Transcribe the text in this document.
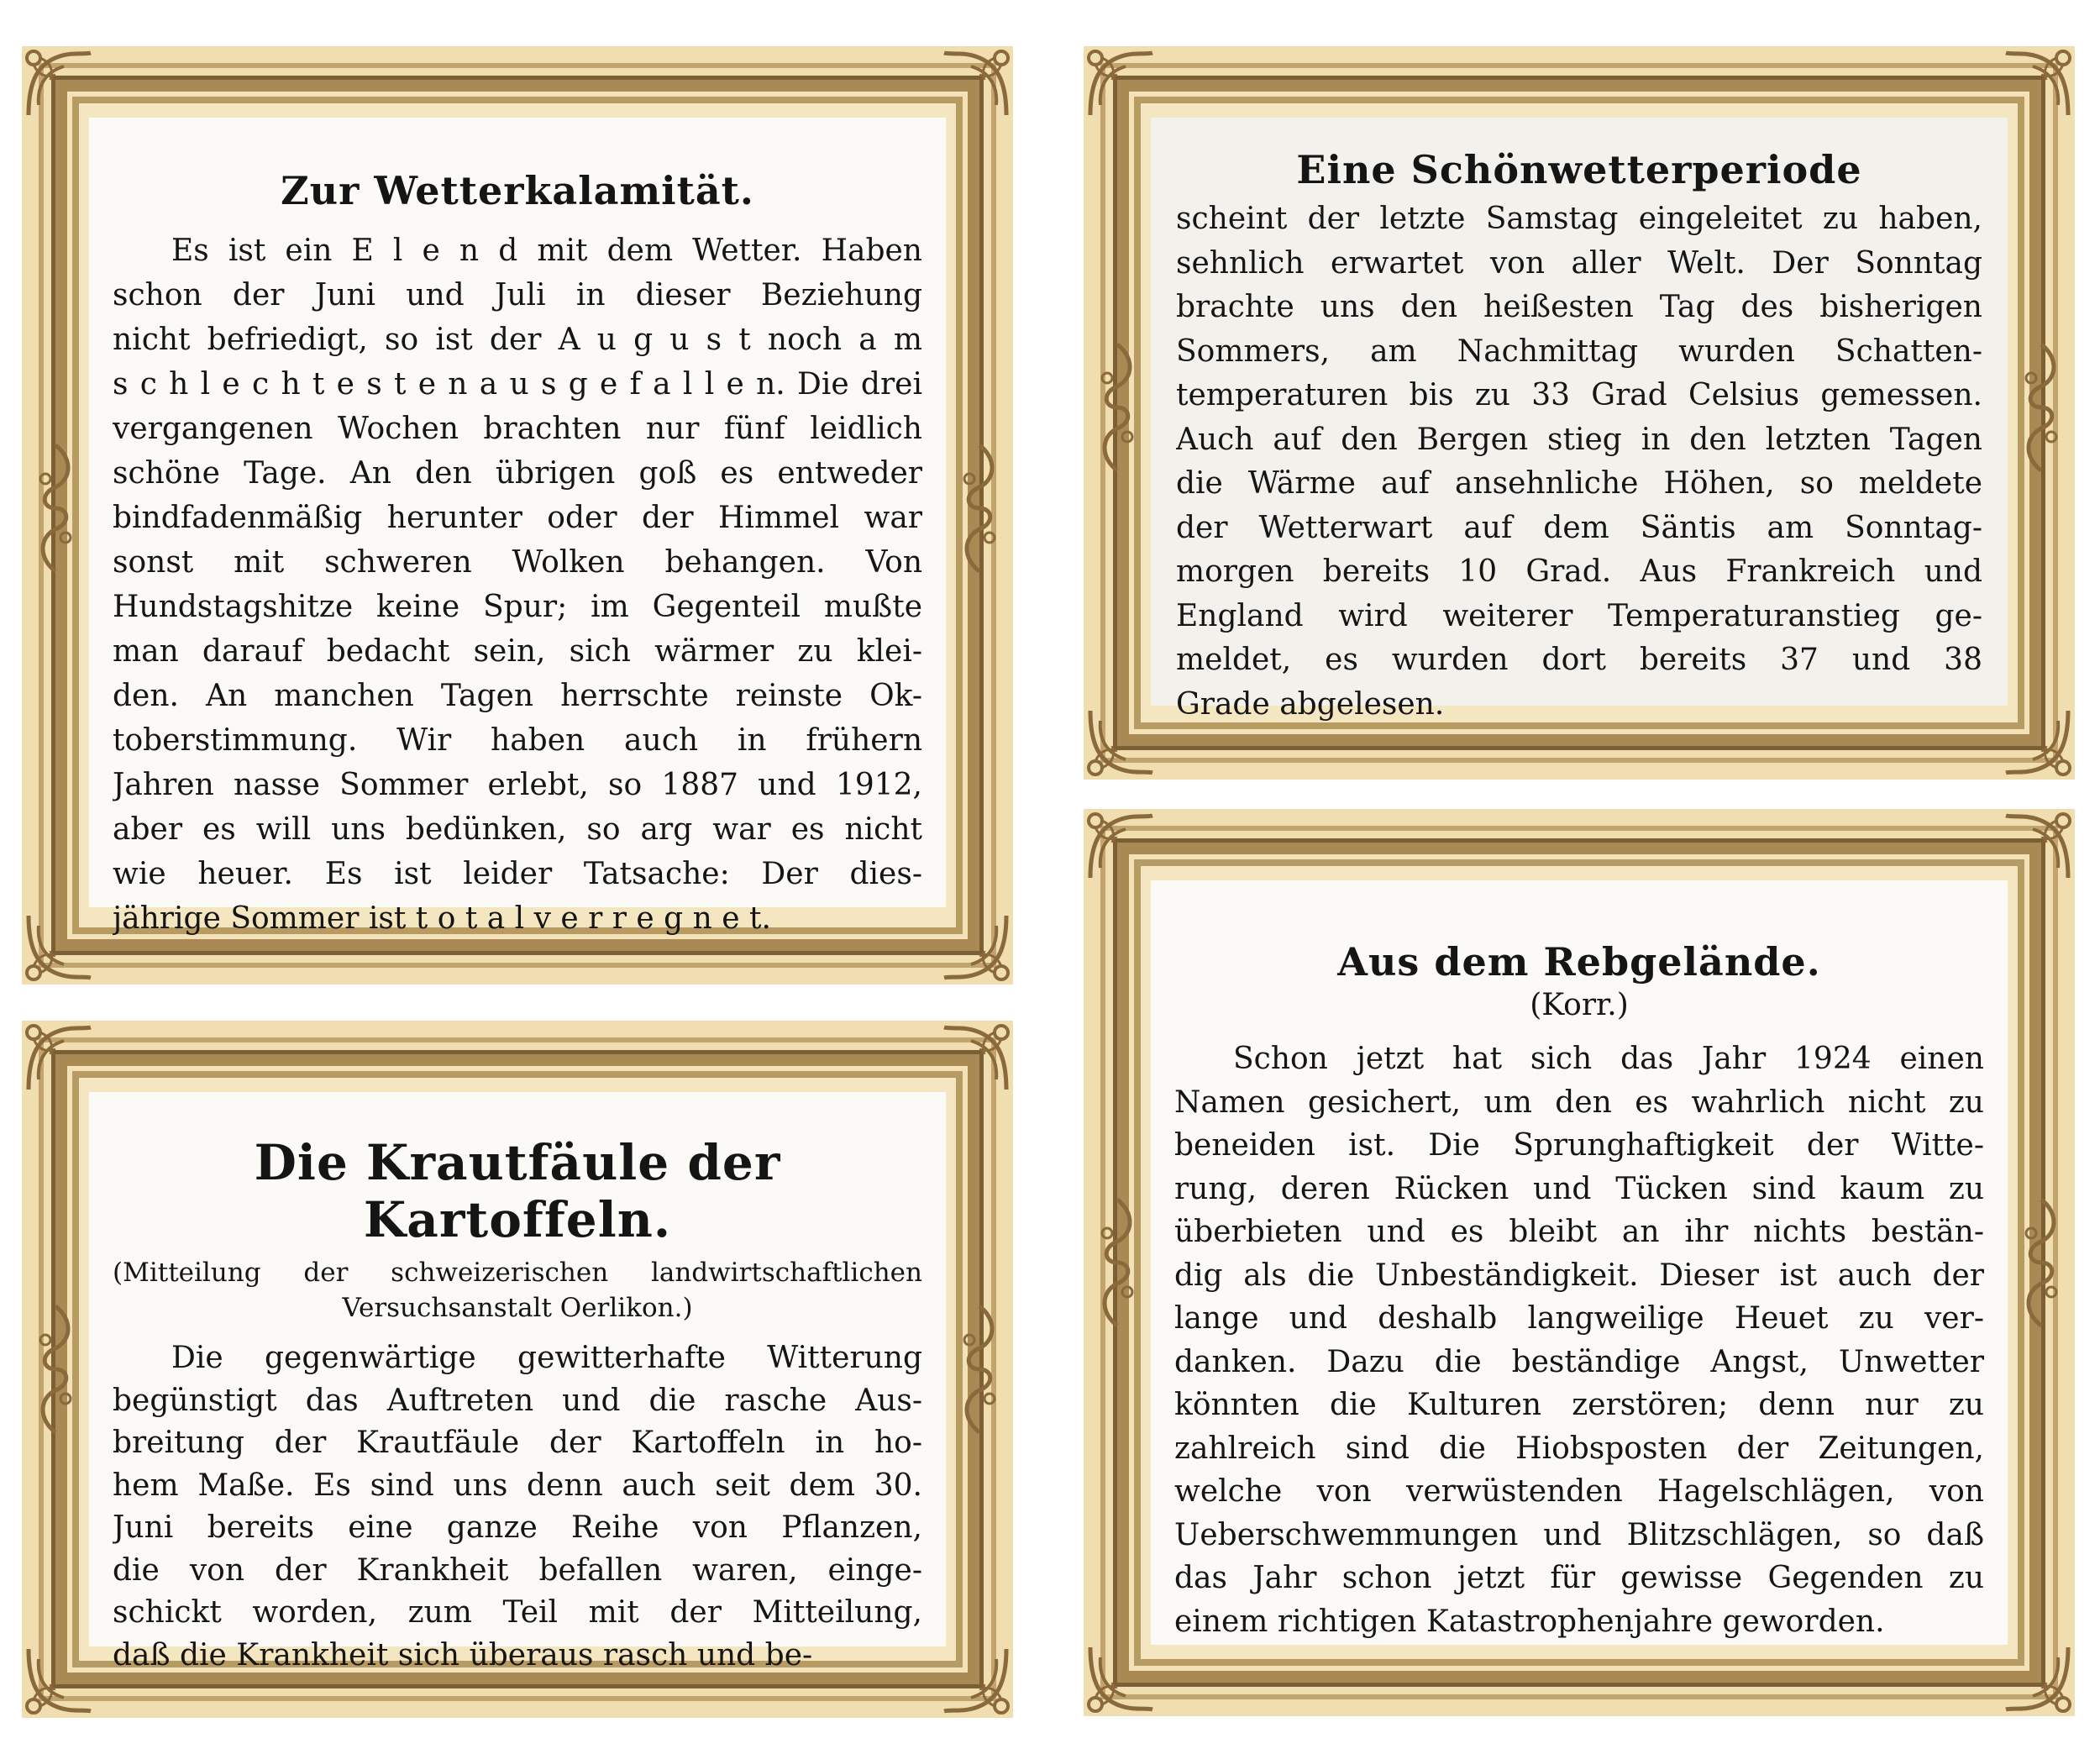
Zur Wetterkalamität.
Es ist ein E l e n d mit dem Wetter. Haben
schon der Juni und Juli in dieser Beziehung
nicht befriedigt, so ist der A u g u s t noch a m
s c h l e c h t e s t e n a u s g e f a l l e n. Die drei
vergangenen Wochen brachten nur fünf leidlich
schöne Tage. An den übrigen goß es entweder
bindfadenmäßig herunter oder der Himmel war
sonst mit schweren Wolken behangen. Von
Hundstagshitze keine Spur; im Gegenteil mußte
man darauf bedacht sein, sich wärmer zu klei-
den. An manchen Tagen herrschte reinste Ok-
toberstimmung. Wir haben auch in frühern
Jahren nasse Sommer erlebt, so 1887 und 1912,
aber es will uns bedünken, so arg war es nicht
wie heuer. Es ist leider Tatsache: Der dies-
jährige Sommer ist t o t a l v e r r e g n e t.
Eine Schönwetterperiode
scheint der letzte Samstag eingeleitet zu haben,
sehnlich erwartet von aller Welt. Der Sonntag
brachte uns den heißesten Tag des bisherigen
Sommers, am Nachmittag wurden Schatten-
temperaturen bis zu 33 Grad Celsius gemessen.
Auch auf den Bergen stieg in den letzten Tagen
die Wärme auf ansehnliche Höhen, so meldete
der Wetterwart auf dem Säntis am Sonntag-
morgen bereits 10 Grad. Aus Frankreich und
England wird weiterer Temperaturanstieg ge-
meldet, es wurden dort bereits 37 und 38
Grade abgelesen.
Die Krautfäule der Kartoffeln.
(Mitteilung der schweizerischen landwirtschaftlichen
Versuchsanstalt Oerlikon.)
Die gegenwärtige gewitterhafte Witterung
begünstigt das Auftreten und die rasche Aus-
breitung der Krautfäule der Kartoffeln in ho-
hem Maße. Es sind uns denn auch seit dem 30.
Juni bereits eine ganze Reihe von Pflanzen,
die von der Krankheit befallen waren, einge-
schickt worden, zum Teil mit der Mitteilung,
daß die Krankheit sich überaus rasch und be-
Aus dem Rebgelände.
(Korr.)
Schon jetzt hat sich das Jahr 1924 einen
Namen gesichert, um den es wahrlich nicht zu
beneiden ist. Die Sprunghaftigkeit der Witte-
rung, deren Rücken und Tücken sind kaum zu
überbieten und es bleibt an ihr nichts bestän-
dig als die Unbeständigkeit. Dieser ist auch der
lange und deshalb langweilige Heuet zu ver-
danken. Dazu die beständige Angst, Unwetter
könnten die Kulturen zerstören; denn nur zu
zahlreich sind die Hiobsposten der Zeitungen,
welche von verwüstenden Hagelschlägen, von
Ueberschwemmungen und Blitzschlägen, so daß
das Jahr schon jetzt für gewisse Gegenden zu
einem richtigen Katastrophenjahre geworden.
